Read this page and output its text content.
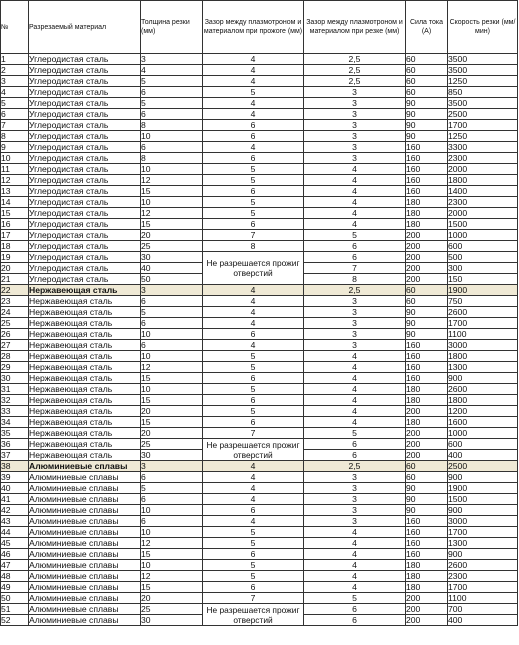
№	Разрезаемый материал	Толщина резки (мм)	Зазор между плазмотроном и материалом при прожоге (мм)	Зазор между плазмотроном и материалом при резке (мм)	Сила тока (А)	Скорость резки (мм/мин)
1	Углеродистая сталь	3	4	2,5	60	3500
2	Углеродистая сталь	4	4	2,5	60	3500
3	Углеродистая сталь	5	4	2,5	60	1250
4	Углеродистая сталь	6	5	3	60	850
5	Углеродистая сталь	5	4	3	90	3500
6	Углеродистая сталь	6	4	3	90	2500
7	Углеродистая сталь	8	6	3	90	1700
8	Углеродистая сталь	10	6	3	90	1250
9	Углеродистая сталь	6	4	3	160	3300
10	Углеродистая сталь	8	6	3	160	2300
11	Углеродистая сталь	10	5	4	160	2000
12	Углеродистая сталь	12	5	4	160	1800
13	Углеродистая сталь	15	6	4	160	1400
14	Углеродистая сталь	10	5	4	180	2300
15	Углеродистая сталь	12	5	4	180	2000
16	Углеродистая сталь	15	6	4	180	1500
17	Углеродистая сталь	20	7	5	200	1000
18	Углеродистая сталь	25	8	6	200	600
19	Углеродистая сталь	30	Не разрешается прожиг отверстий	6	200	500
20	Углеродистая сталь	40		7	200	300
21	Углеродистая сталь	50		8	200	150
22	Нержавеющая сталь	3	4	2,5	60	1900
23	Нержавеющая сталь	6	4	3	60	750
24	Нержавеющая сталь	5	4	3	90	2600
25	Нержавеющая сталь	6	4	3	90	1700
26	Нержавеющая сталь	10	6	3	90	1100
27	Нержавеющая сталь	6	4	3	160	3000
28	Нержавеющая сталь	10	5	4	160	1800
29	Нержавеющая сталь	12	5	4	160	1300
30	Нержавеющая сталь	15	6	4	160	900
31	Нержавеющая сталь	10	5	4	180	2600
32	Нержавеющая сталь	15	6	4	180	1800
33	Нержавеющая сталь	20	5	4	200	1200
34	Нержавеющая сталь	15	6	4	180	1600
35	Нержавеющая сталь	20	7	5	200	1000
36	Нержавеющая сталь	25	Не разрешается прожиг отверстий	6	200	600
37	Нержавеющая сталь	30		6	200	400
38	Алюминиевые сплавы	3	4	2,5	60	2500
39	Алюминиевые сплавы	6	4	3	60	900
40	Алюминиевые сплавы	5	4	3	90	1900
41	Алюминиевые сплавы	6	4	3	90	1500
42	Алюминиевые сплавы	10	6	3	90	900
43	Алюминиевые сплавы	6	4	3	160	3000
44	Алюминиевые сплавы	10	5	4	160	1700
45	Алюминиевые сплавы	12	5	4	160	1300
46	Алюминиевые сплавы	15	6	4	160	900
47	Алюминиевые сплавы	10	5	4	180	2600
48	Алюминиевые сплавы	12	5	4	180	2300
49	Алюминиевые сплавы	15	6	4	180	1700
50	Алюминиевые сплавы	20	7	5	200	1100
51	Алюминиевые сплавы	25	Не разрешается прожиг отверстий	6	200	700
52	Алюминиевые сплавы	30		6	200	400
